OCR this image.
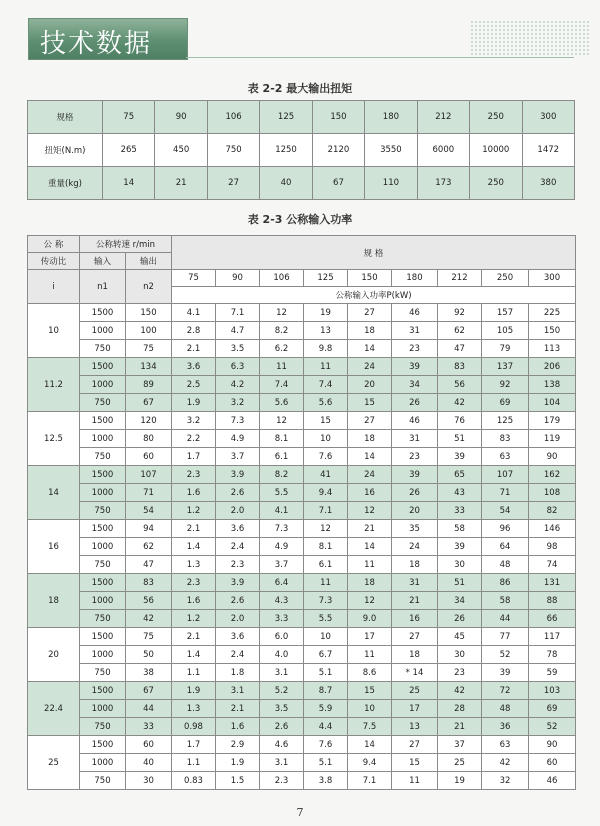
技术数据
表 2-2 最大输出扭矩
规格	75	90	106	125	150	180	212	250	300
扭矩(N.m)	265	450	750	1250	2120	3550	6000	10000	1472
重量(kg)	14	21	27	40	67	110	173	250	380
表 2-3 公称输入功率
公 称	公称转速 r/min		规 格								
传动比	输入	输出									
i	n1	n2	75	90	106	125	150	180	212	250	300
			公称输入功率P(kW)								
10	1500	150	4.1	7.1	12	19	27	46	92	157	225
	1000	100	2.8	4.7	8.2	13	18	31	62	105	150
	750	75	2.1	3.5	6.2	9.8	14	23	47	79	113
11.2	1500	134	3.6	6.3	11	11	24	39	83	137	206
	1000	89	2.5	4.2	7.4	7.4	20	34	56	92	138
	750	67	1.9	3.2	5.6	5.6	15	26	42	69	104
12.5	1500	120	3.2	7.3	12	15	27	46	76	125	179
	1000	80	2.2	4.9	8.1	10	18	31	51	83	119
	750	60	1.7	3.7	6.1	7.6	14	23	39	63	90
14	1500	107	2.3	3.9	8.2	41	24	39	65	107	162
	1000	71	1.6	2.6	5.5	9.4	16	26	43	71	108
	750	54	1.2	2.0	4.1	7.1	12	20	33	54	82
16	1500	94	2.1	3.6	7.3	12	21	35	58	96	146
	1000	62	1.4	2.4	4.9	8.1	14	24	39	64	98
	750	47	1.3	2.3	3.7	6.1	11	18	30	48	74
18	1500	83	2.3	3.9	6.4	11	18	31	51	86	131
	1000	56	1.6	2.6	4.3	7.3	12	21	34	58	88
	750	42	1.2	2.0	3.3	5.5	9.0	16	26	44	66
20	1500	75	2.1	3.6	6.0	10	17	27	45	77	117
	1000	50	1.4	2.4	4.0	6.7	11	18	30	52	78
	750	38	1.1	1.8	3.1	5.1	8.6	* 14	23	39	59
22.4	1500	67	1.9	3.1	5.2	8.7	15	25	42	72	103
	1000	44	1.3	2.1	3.5	5.9	10	17	28	48	69
	750	33	0.98	1.6	2.6	4.4	7.5	13	21	36	52
25	1500	60	1.7	2.9	4.6	7.6	14	27	37	63	90
	1000	40	1.1	1.9	3.1	5.1	9.4	15	25	42	60
	750	30	0.83	1.5	2.3	3.8	7.1	11	19	32	46
7
